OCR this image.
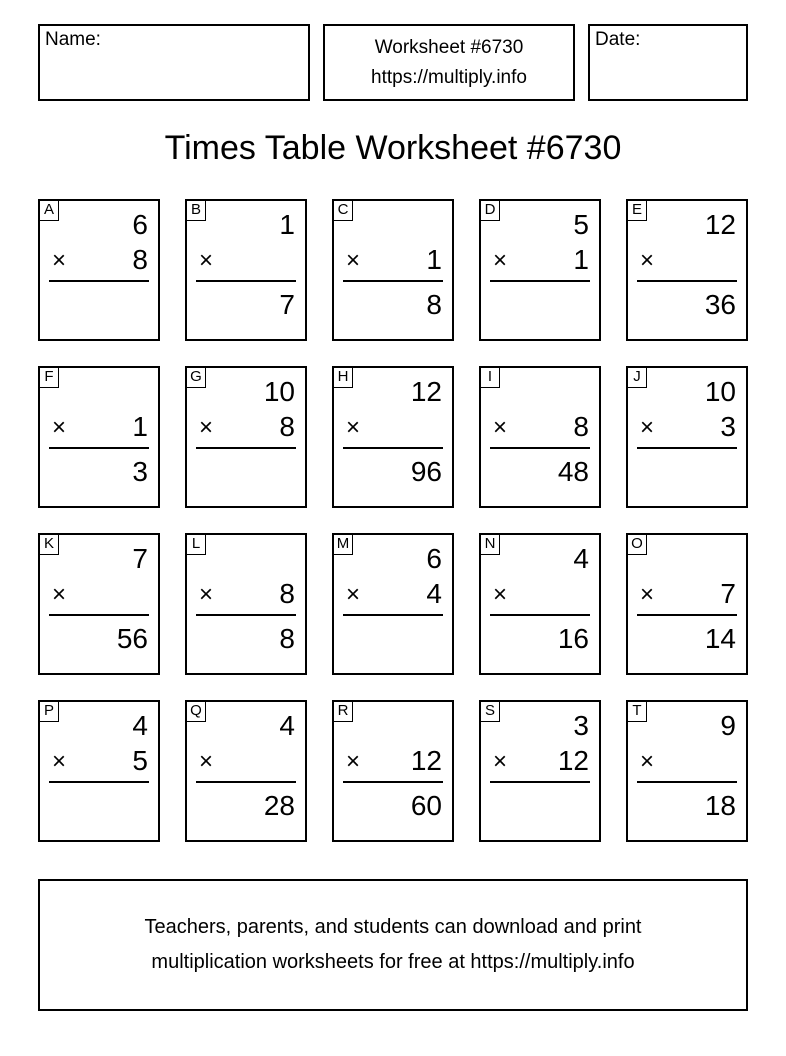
Name:	Worksheet #6730
https://multiply.info
Date:
Times Table Worksheet #6730
A	6
× 8
B	1
×
7
C
× 1
8
D	5
× 1
E 12
×
36
F
× 1
3
G 10
× 8
H 12
×
96
I
× 8
48
J 10
× 3
K	7
×
56
L
× 8
8
M	6
× 4
N	4
×
16
O
× 7
14
P	4
× 5
Q	4
×
28
R
× 12
60
S	3
× 12
T	9
×
18
Teachers, parents, and students can download and print
multiplication worksheets for free at https://multiply.info
